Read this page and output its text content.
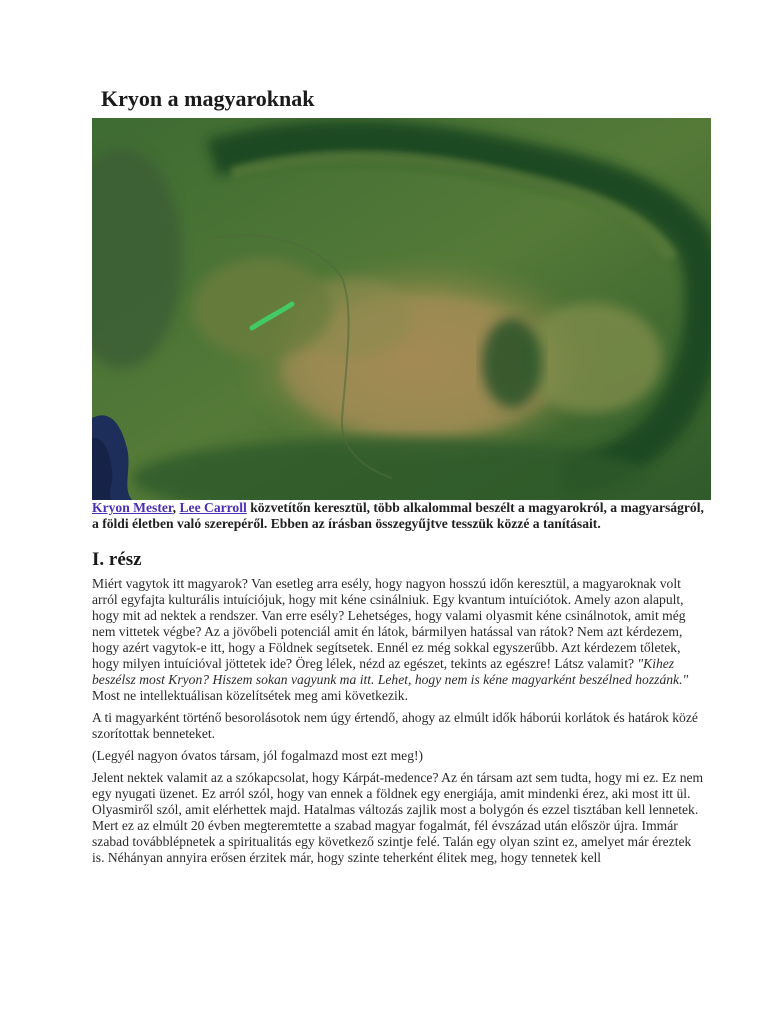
Kryon a magyaroknak

Kryon Mester, Lee Carroll közvetítőn keresztül, több alkalommal beszélt a magyarokról, a magyarságról, a földi életben való szerepéről. Ebben az írásban összegyűjtve tesszük közzé a tanításait.

I. rész

Miért vagytok itt magyarok? Van esetleg arra esély, hogy nagyon hosszú időn keresztül, a magyaroknak volt arról egyfajta kulturális intuíciójuk, hogy mit kéne csinálniuk. Egy kvantum intuíciótok. Amely azon alapult, hogy mit ad nektek a rendszer. Van erre esély? Lehetséges, hogy valami olyasmit kéne csinálnotok, amit még nem vittetek végbe? Az a jövőbeli potenciál amit én látok, bármilyen hatással van rátok? Nem azt kérdezem, hogy azért vagytok-e itt, hogy a Földnek segítsetek. Ennél ez még sokkal egyszerűbb. Azt kérdezem tőletek, hogy milyen intuícióval jöttetek ide? Öreg lélek, nézd az egészet, tekints az egészre! Látsz valamit? "Kihez beszélsz most Kryon? Hiszem sokan vagyunk ma itt. Lehet, hogy nem is kéne magyarként beszélned hozzánk." Most ne intellektuálisan közelítsétek meg ami következik.

A ti magyarként történő besorolásotok nem úgy értendő, ahogy az elmúlt idők háborúi korlátok és határok közé szorítottak benneteket.

(Legyél nagyon óvatos társam, jól fogalmazd most ezt meg!)

Jelent nektek valamit az a szókapcsolat, hogy Kárpát-medence? Az én társam azt sem tudta, hogy mi ez. Ez nem egy nyugati üzenet. Ez arról szól, hogy van ennek a földnek egy energiája, amit mindenki érez, aki most itt ül. Olyasmiről szól, amit elérhettek majd. Hatalmas változás zajlik most a bolygón és ezzel tisztában kell lennetek. Mert ez az elmúlt 20 évben megteremtette a szabad magyar fogalmát, fél évszázad után először újra. Immár szabad továbblépnetek a spiritualitás egy következő szintje felé. Talán egy olyan szint ez, amelyet már éreztek is. Néhányan annyira erősen érzitek már, hogy szinte teherként élitek meg, hogy tennetek kell
